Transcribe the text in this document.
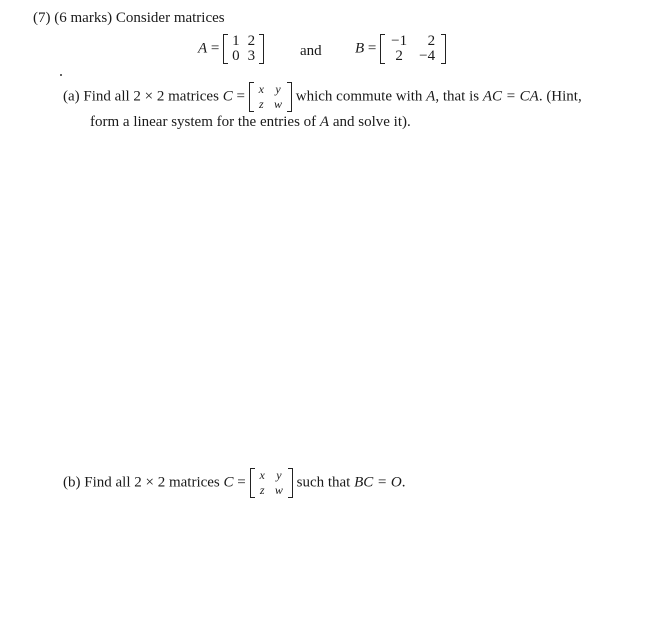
(7) (6 marks) Consider matrices
A = 1	2
0	3	and B = −1	2
2	−4
(a) Find all 2 × 2 matrices C = x	y
z	w which commute with A, that is AC = CA. (Hint,
form a linear system for the entries of A and solve it).
(b) Find all 2 × 2 matrices C = x	y
z	w such that BC = O.
